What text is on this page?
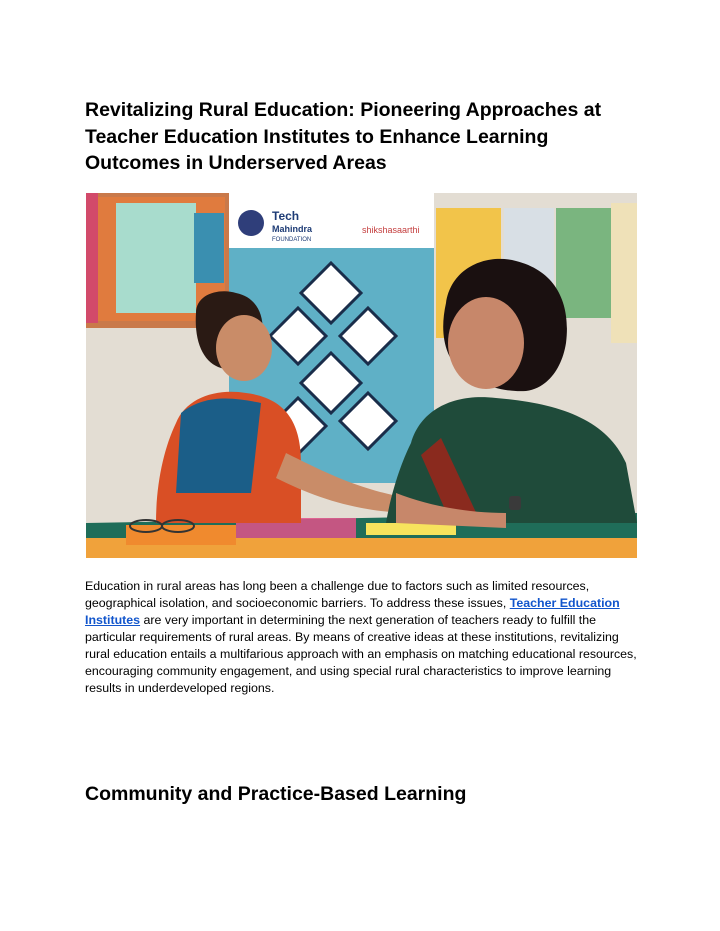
Revitalizing Rural Education: Pioneering Approaches at Teacher Education Institutes to Enhance Learning Outcomes in Underserved Areas
Tech
Mahindra
FOUNDATION
shikshasaarthi

Education in rural areas has long been a challenge due to factors such as limited resources, geographical isolation, and socioeconomic barriers. To address these issues, Teacher Education Institutes are very important in determining the next generation of teachers ready to fulfill the particular requirements of rural areas. By means of creative ideas at these institutions, revitalizing rural education entails a multifarious approach with an emphasis on matching educational resources, encouraging community engagement, and using special rural characteristics to improve learning results in underdeveloped regions.

Community and Practice-Based Learning
